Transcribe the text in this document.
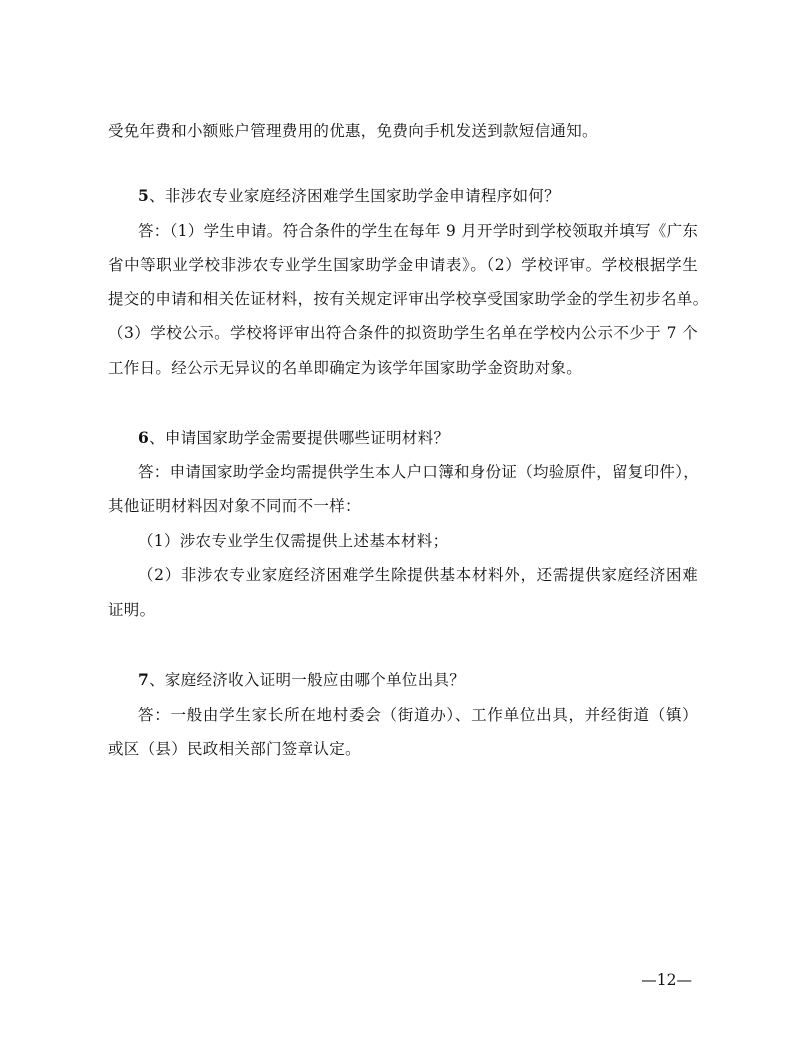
受免年费和小额账户管理费用的优惠，免费向手机发送到款短信通知。
5、非涉农专业家庭经济困难学生国家助学金申请程序如何？
答：（1）学生申请。符合条件的学生在每年 9 月开学时到学校领取并填写《广东
省中等职业学校非涉农专业学生国家助学金申请表》。（2）学校评审。学校根据学生
提交的申请和相关佐证材料，按有关规定评审出学校享受国家助学金的学生初步名单。
（3）学校公示。学校将评审出符合条件的拟资助学生名单在学校内公示不少于 7 个
工作日。经公示无异议的名单即确定为该学年国家助学金资助对象。
6、申请国家助学金需要提供哪些证明材料？
答：申请国家助学金均需提供学生本人户口簿和身份证（均验原件，留复印件），
其他证明材料因对象不同而不一样：
（1）涉农专业学生仅需提供上述基本材料；
（2）非涉农专业家庭经济困难学生除提供基本材料外，还需提供家庭经济困难
证明。
7、家庭经济收入证明一般应由哪个单位出具？
答：一般由学生家长所在地村委会（街道办）、工作单位出具，并经街道（镇）
或区（县）民政相关部门签章认定。
—12—
